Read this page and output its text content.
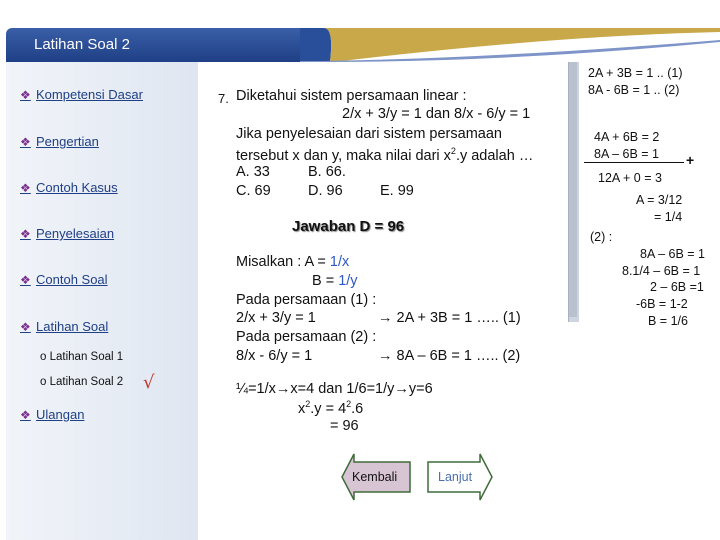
Latihan Soal 2
❖ Kompetensi Dasar
❖ Pengertian
❖ Contoh Kasus
❖ Penyelesaian
❖ Contoh Soal
❖ Latihan Soal
o Latihan Soal 1
o Latihan Soal 2 √
❖ Ulangan
7. Diketahui sistem persamaan linear :
2/x + 3/y = 1 dan 8/x - 6/y = 1
Jika penyelesaian dari sistem persamaan
tersebut x dan y, maka nilai dari $x^2.y$ adalah …
A. 33	B. 66.
C. 69	D. 96	E. 99
Jawaban D = 96
Misalkan : A = 1/x
B = 1/y
Pada persamaan (1) :
2/x + 3/y = 1	→ 2A + 3B = 1 ….. (1)
Pada persamaan (2) :
8/x - 6/y = 1	→ 8A – 6B = 1 ….. (2)
¼=1/x→x=4 dan 1/6=1/y→y=6
$x^2.y = 4^2.6$
= 96
2A + 3B = 1 .. (1)
8A - 6B = 1 .. (2)
4A + 6B = 2
8A – 6B = 1 +
12A + 0 = 3
A = 3/12
= 1/4
(2) :
8A – 6B = 1
8.1/4 – 6B = 1
2 – 6B =1
-6B = 1-2
B = 1/6
Kembali	Lanjut
